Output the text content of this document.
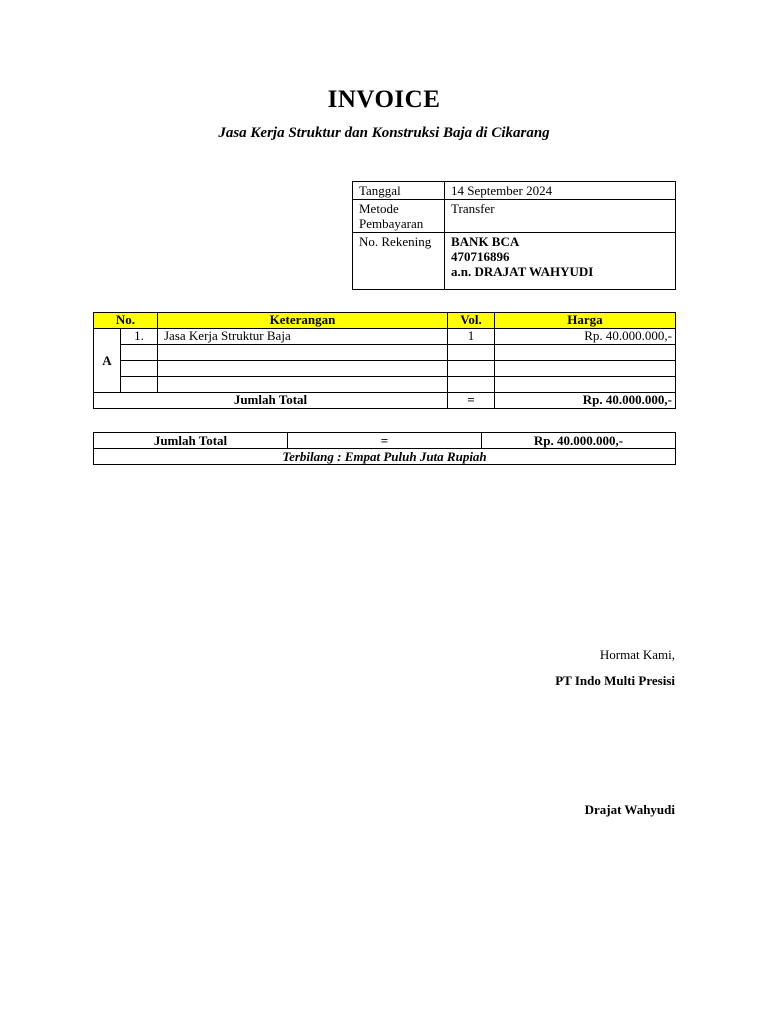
INVOICE
Jasa Kerja Struktur dan Konstruksi Baja di Cikarang
Tanggal	14 September 2024
Metode
Pembayaran	Transfer
No. Rekening	BANK BCA
470716896
a.n. DRAJAT WAHYUDI
No.		Keterangan	Vol.	Harga
A	1.	Jasa Kerja Struktur Baja	1	Rp. 40.000.000,-

Jumlah Total			=	Rp. 40.000.000,-
Jumlah Total	=	Rp. 40.000.000,-
Terbilang : Empat Puluh Juta Rupiah
Hormat Kami,
PT Indo Multi Presisi
Drajat Wahyudi
